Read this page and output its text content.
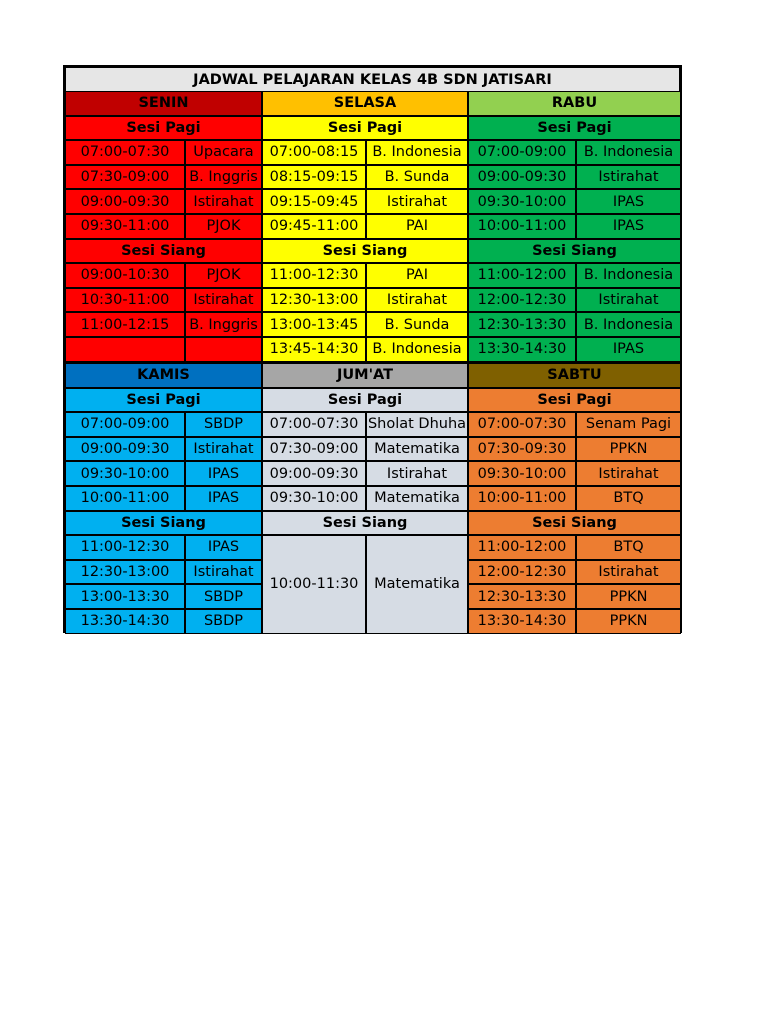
JADWAL PELAJARAN KELAS 4B SDN JATISARI
SENIN
Sesi Pagi
07:00-07:30	Upacara
07:30-09:00	B. Inggris
09:00-09:30	Istirahat
09:30-11:00	PJOK
Sesi Siang
09:00-10:30	PJOK
10:30-11:00	Istirahat
11:00-12:15	B. Inggris
SELASA
Sesi Pagi
07:00-08:15 B. Indonesia
08:15-09:15	B. Sunda
09:15-09:45	Istirahat
09:45-11:00	PAI
Sesi Siang
11:00-12:30	PAI
12:30-13:00	Istirahat
13:00-13:45	B. Sunda
13:45-14:30 B. Indonesia
RABU
Sesi Pagi
07:00-09:00	B. Indonesia
09:00-09:30	Istirahat
09:30-10:00	IPAS
10:00-11:00	IPAS
Sesi Siang
11:00-12:00	B. Indonesia
12:00-12:30	Istirahat
12:30-13:30	B. Indonesia
13:30-14:30	IPAS
KAMIS
Sesi Pagi
07:00-09:00	SBDP
09:00-09:30	Istirahat
09:30-10:00	IPAS
10:00-11:00	IPAS
Sesi Siang
11:00-12:30	IPAS
12:30-13:00	Istirahat
13:00-13:30	SBDP
13:30-14:30	SBDP
JUM'AT
Sesi Pagi
07:00-07:30 Sholat Dhuha
07:30-09:00	Matematika
09:00-09:30	Istirahat
09:30-10:00	Matematika
Sesi Siang
10:00-11:30	Matematika
SABTU
Sesi Pagi
07:00-07:30	Senam Pagi
07:30-09:30	PPKN
09:30-10:00	Istirahat
10:00-11:00	BTQ
Sesi Siang
11:00-12:00	BTQ
12:00-12:30	Istirahat
12:30-13:30	PPKN
13:30-14:30	PPKN
